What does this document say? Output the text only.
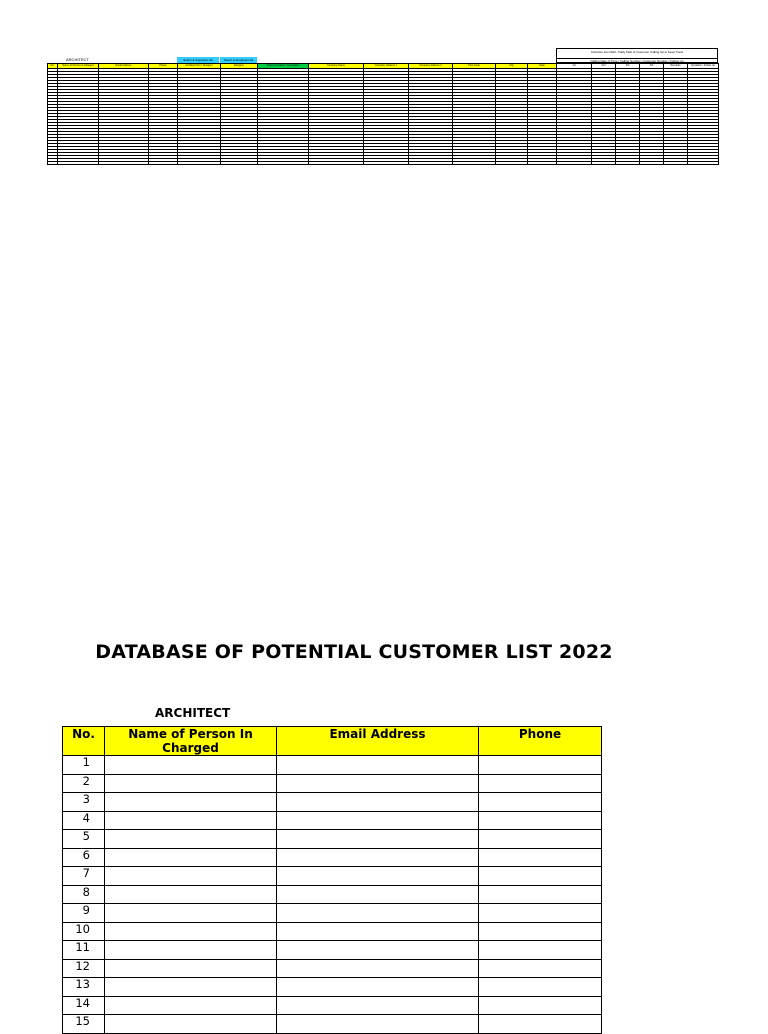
ARCHITECT	Select & dropdown list	Select & dropdown list
Activities Jan 2022 : Daily Task of Customer Calling list to Keep Track
Calling Date of Time / Calling Number / Customer Number / Follow Up
No.	Name of Person In Charged	Email Address	Phone	Architect Firm / Designer	Designer	Project Location / Description	Company Name	Company Address 1	Company Address 2	Post Code	City	State	1st	2nd	3rd	4th	Remarks	Quotation / Follow Up

DATABASE OF POTENTIAL CUSTOMER LIST 2022
ARCHITECT
No.	Name of Person In Charged	Email Address	Phone
1			
2			
3			
4			
5			
6			
7			
8			
9			
10			
11			
12			
13			
14			
15			
